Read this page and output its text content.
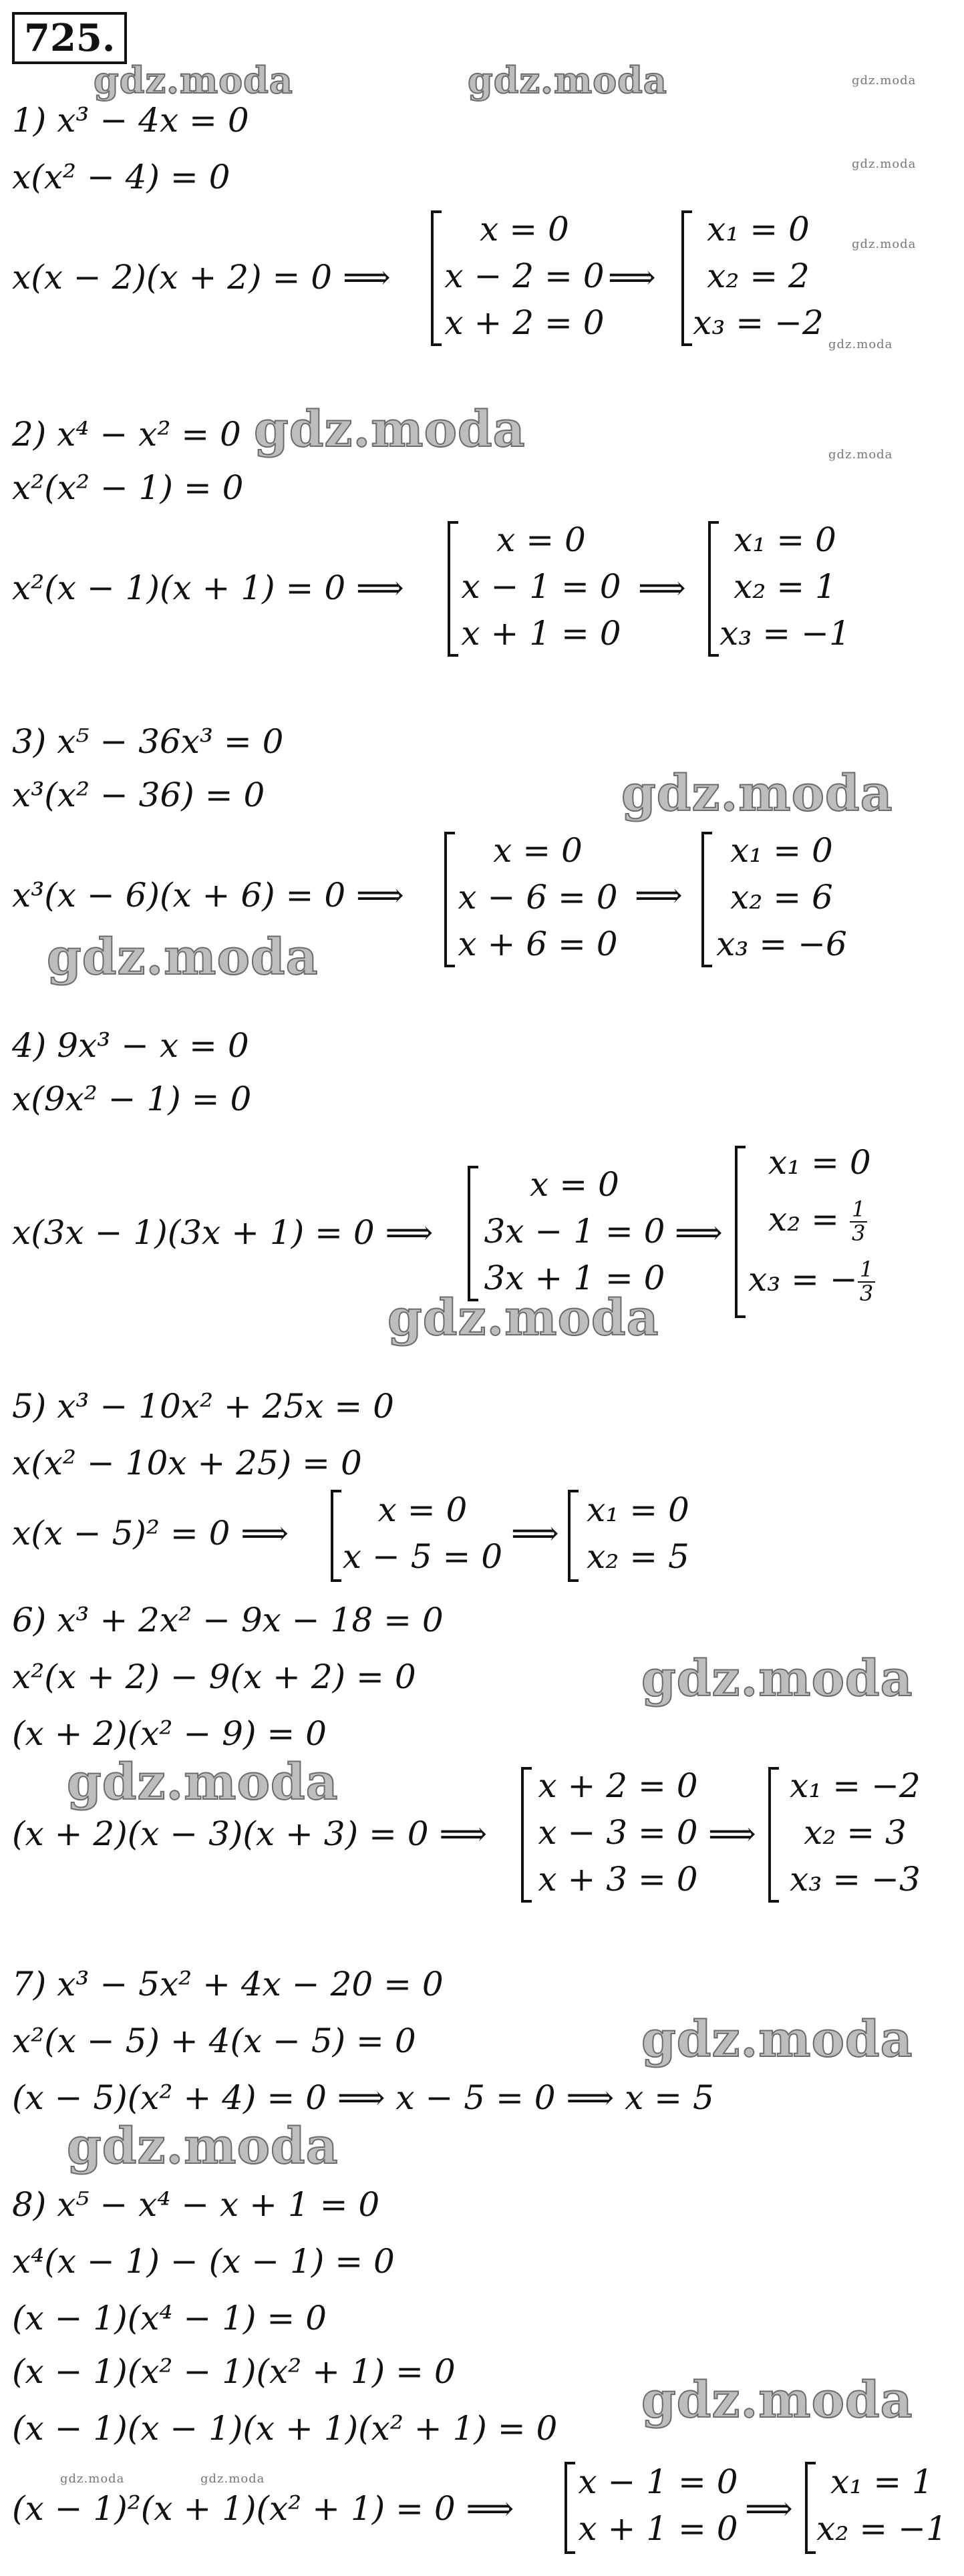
725.
gdz.moda	gdz.moda
gdz.moda
gdz.moda
gdz.moda
gdz.moda
gdz.moda
gdz.moda
gdz.moda
gdz.moda
gdz.moda
gdz.moda
gdz.moda
gdz.moda
gdz.moda
gdz.moda
gdz.moda	gdz.moda
1) x³ − 4x = 0
x(x² − 4) = 0
x(x − 2)(x + 2) = 0 ⟹
x = 0
x − 2 = 0
x + 2 = 0
⟹
x₁ = 0
x₂ = 2
x₃ = −2
2) x⁴ − x² = 0
x²(x² − 1) = 0
x²(x − 1)(x + 1) = 0 ⟹
x = 0
x − 1 = 0
x + 1 = 0
⟹
x₁ = 0
x₂ = 1
x₃ = −1
3) x⁵ − 36x³ = 0
x³(x² − 36) = 0
x³(x − 6)(x + 6) = 0 ⟹
x = 0
x − 6 = 0
x + 6 = 0
⟹
x₁ = 0
x₂ = 6
x₃ = −6
4) 9x³ − x = 0
x(9x² − 1) = 0
x(3x − 1)(3x + 1) = 0 ⟹
x = 0
3x − 1 = 0
3x + 1 = 0
⟹
x₁ = 0
$x_2 = \frac{1}{3}$
x₃ = − $\frac{1}{3}$
5) x³ − 10x² + 25x = 0
x(x² − 10x + 25) = 0
x(x − 5)² = 0 ⟹
x = 0
x − 5 = 0
⟹
x₁ = 0
x₂ = 5
6) x³ + 2x² − 9x − 18 = 0
x²(x + 2) − 9(x + 2) = 0
(x + 2)(x² − 9) = 0
(x + 2)(x − 3)(x + 3) = 0 ⟹
x + 2 = 0
x − 3 = 0
x + 3 = 0
⟹
x₁ = −2
x₂ = 3
x₃ = −3
7) x³ − 5x² + 4x − 20 = 0
x²(x − 5) + 4(x − 5) = 0
(x − 5)(x² + 4) = 0 ⟹ x − 5 = 0 ⟹ x = 5
8) x⁵ − x⁴ − x + 1 = 0
x⁴(x − 1) − (x − 1) = 0
(x − 1)(x⁴ − 1) = 0
(x − 1)(x² − 1)(x² + 1) = 0
(x − 1)(x − 1)(x + 1)(x² + 1) = 0
(x − 1)²(x + 1)(x² + 1) = 0 ⟹
x − 1 = 0
x + 1 = 0
⟹
x₁ = 1
x₂ = −1
